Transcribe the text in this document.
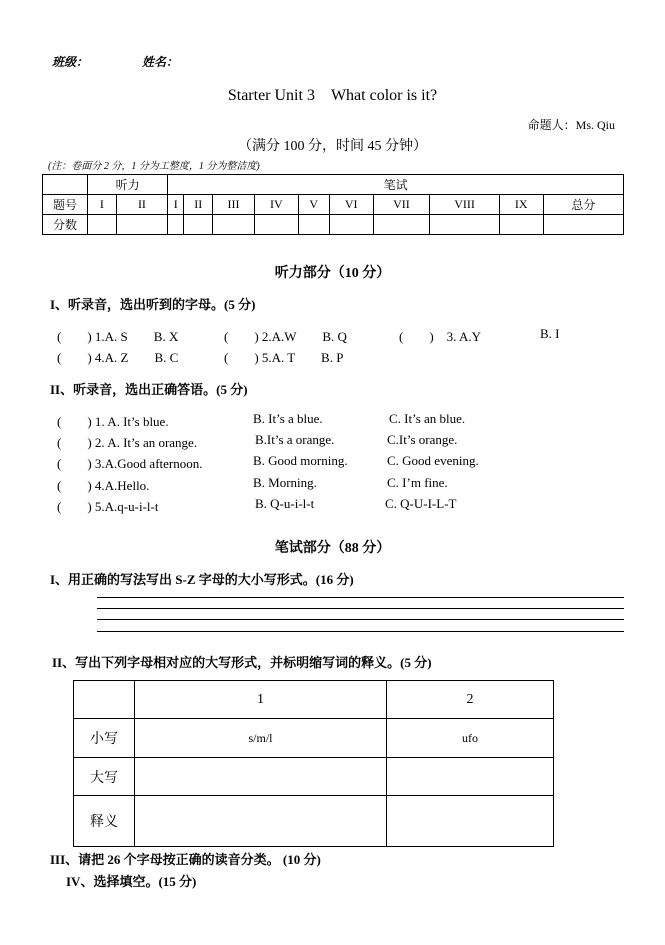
班级：	姓名：
Starter Unit 3　What color is it?
命题人：Ms. Qiu
（满分 100 分，时间 45 分钟）
(注：卷面分 2 分，1 分为工整度，1 分为整洁度)
	听力		笔试									
题号	I	II	I	II	III	IV	V	VI	VII	VIII	IX	总分
分数												
听力部分（10 分）
I、听录音，选出听到的字母。(5 分)
(　　) 1.A. S　　B. X	(　　) 2.A.W　　B. Q	(　　)　3. A.Y	B. I
(　　) 4.A. Z　　B. C	(　　) 5.A. T　　B. P
II、听录音，选出正确答语。(5 分)
(　　) 1. A. It’s blue.	B. It’s a blue.	C. It’s an blue.
(　　) 2. A. It’s an orange.	B.It’s a orange.	C.It’s orange.
(　　) 3.A.Good afternoon.	B. Good morning.	C. Good evening.
(　　) 4.A.Hello.	B. Morning.	C. I’m fine.
(　　) 5.A.q-u-i-l-t	B. Q-u-i-l-t	C. Q-U-I-L-T
笔试部分（88 分）
I、用正确的写法写出 S-Z 字母的大小写形式。(16 分)
II、写出下列字母相对应的大写形式，并标明缩写词的释义。(5 分)
	1	2
小写	s/m/l	ufo
大写		
释义		
III、请把 26 个字母按正确的读音分类。 (10 分)
IV、选择填空。(15 分)
